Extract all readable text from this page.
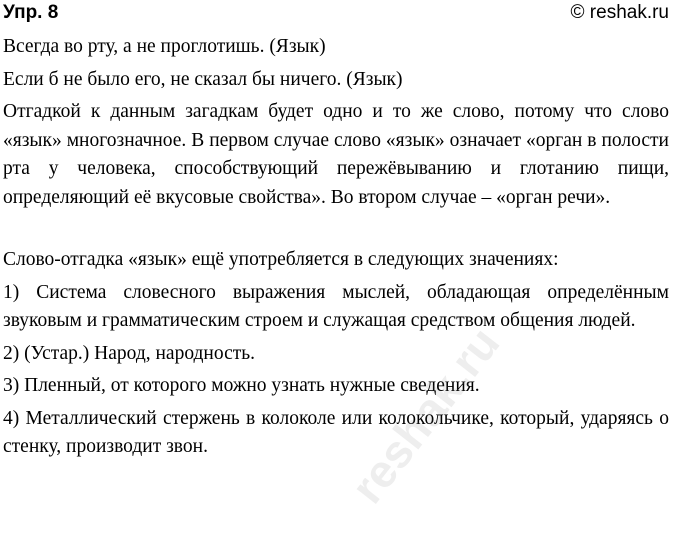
Упр. 8	© reshak.ru

Всегда во рту, а не проглотишь. (Язык)

Если б не было его, не сказал бы ничего. (Язык)

Отгадкой к данным загадкам будет одно и то же слово, потому что слово «язык» многозначное. В первом случае слово «язык» означает «орган в полости рта у человека, способствующий пережёвыванию и глотанию пищи, определяющий её вкусовые свойства». Во втором случае – «орган речи».

Слово-отгадка «язык» ещё употребляется в следующих значениях:

1) Система словесного выражения мыслей, обладающая определённым звуковым и грамматическим строем и служащая средством общения людей.

2) (Устар.) Народ, народность.

3) Пленный, от которого можно узнать нужные сведения.

4) Металлический стержень в колоколе или колокольчике, который, ударяясь о стенку, производит звон.	reshak.ru
